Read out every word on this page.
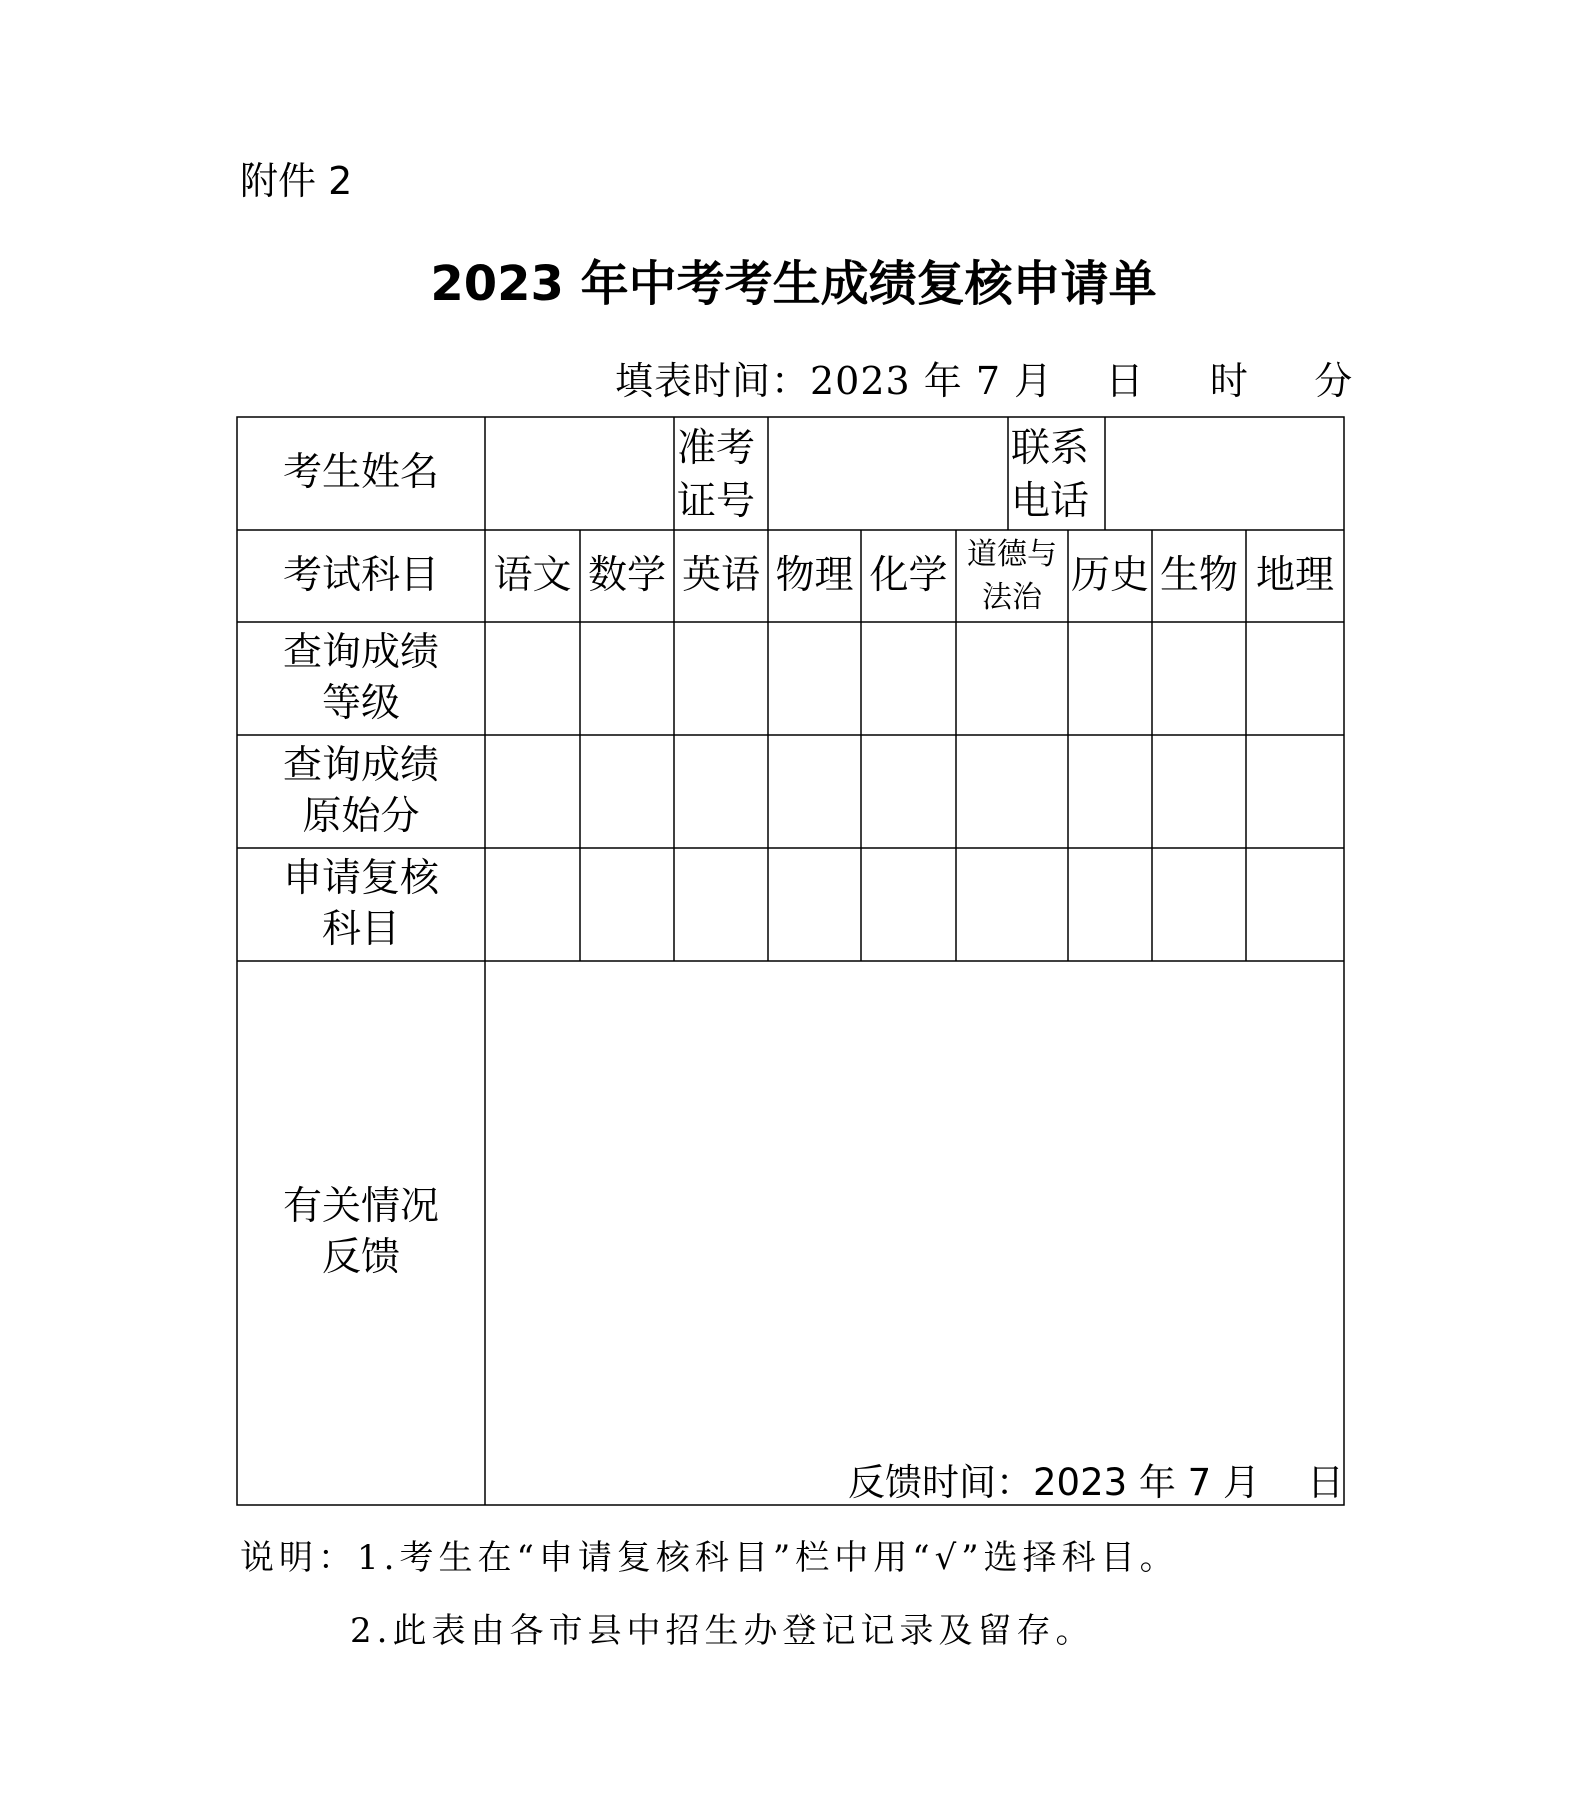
附件 2
2023 年中考考生成绩复核申请单
填表时间：2023 年 7 月    日     时     分
考生姓名
准考
证号
联系
电话
考试科目 语文 数学 英语 物理 化学 道德与
法治 历史 生物 地理
查询成绩
等级
查询成绩
原始分
申请复核
科目
有关情况
反馈
反馈时间：2023 年 7 月    日
说明：1.考生在“申请复核科目”栏中用“√”选择科目。
2.此表由各市县中招生办登记记录及留存。
